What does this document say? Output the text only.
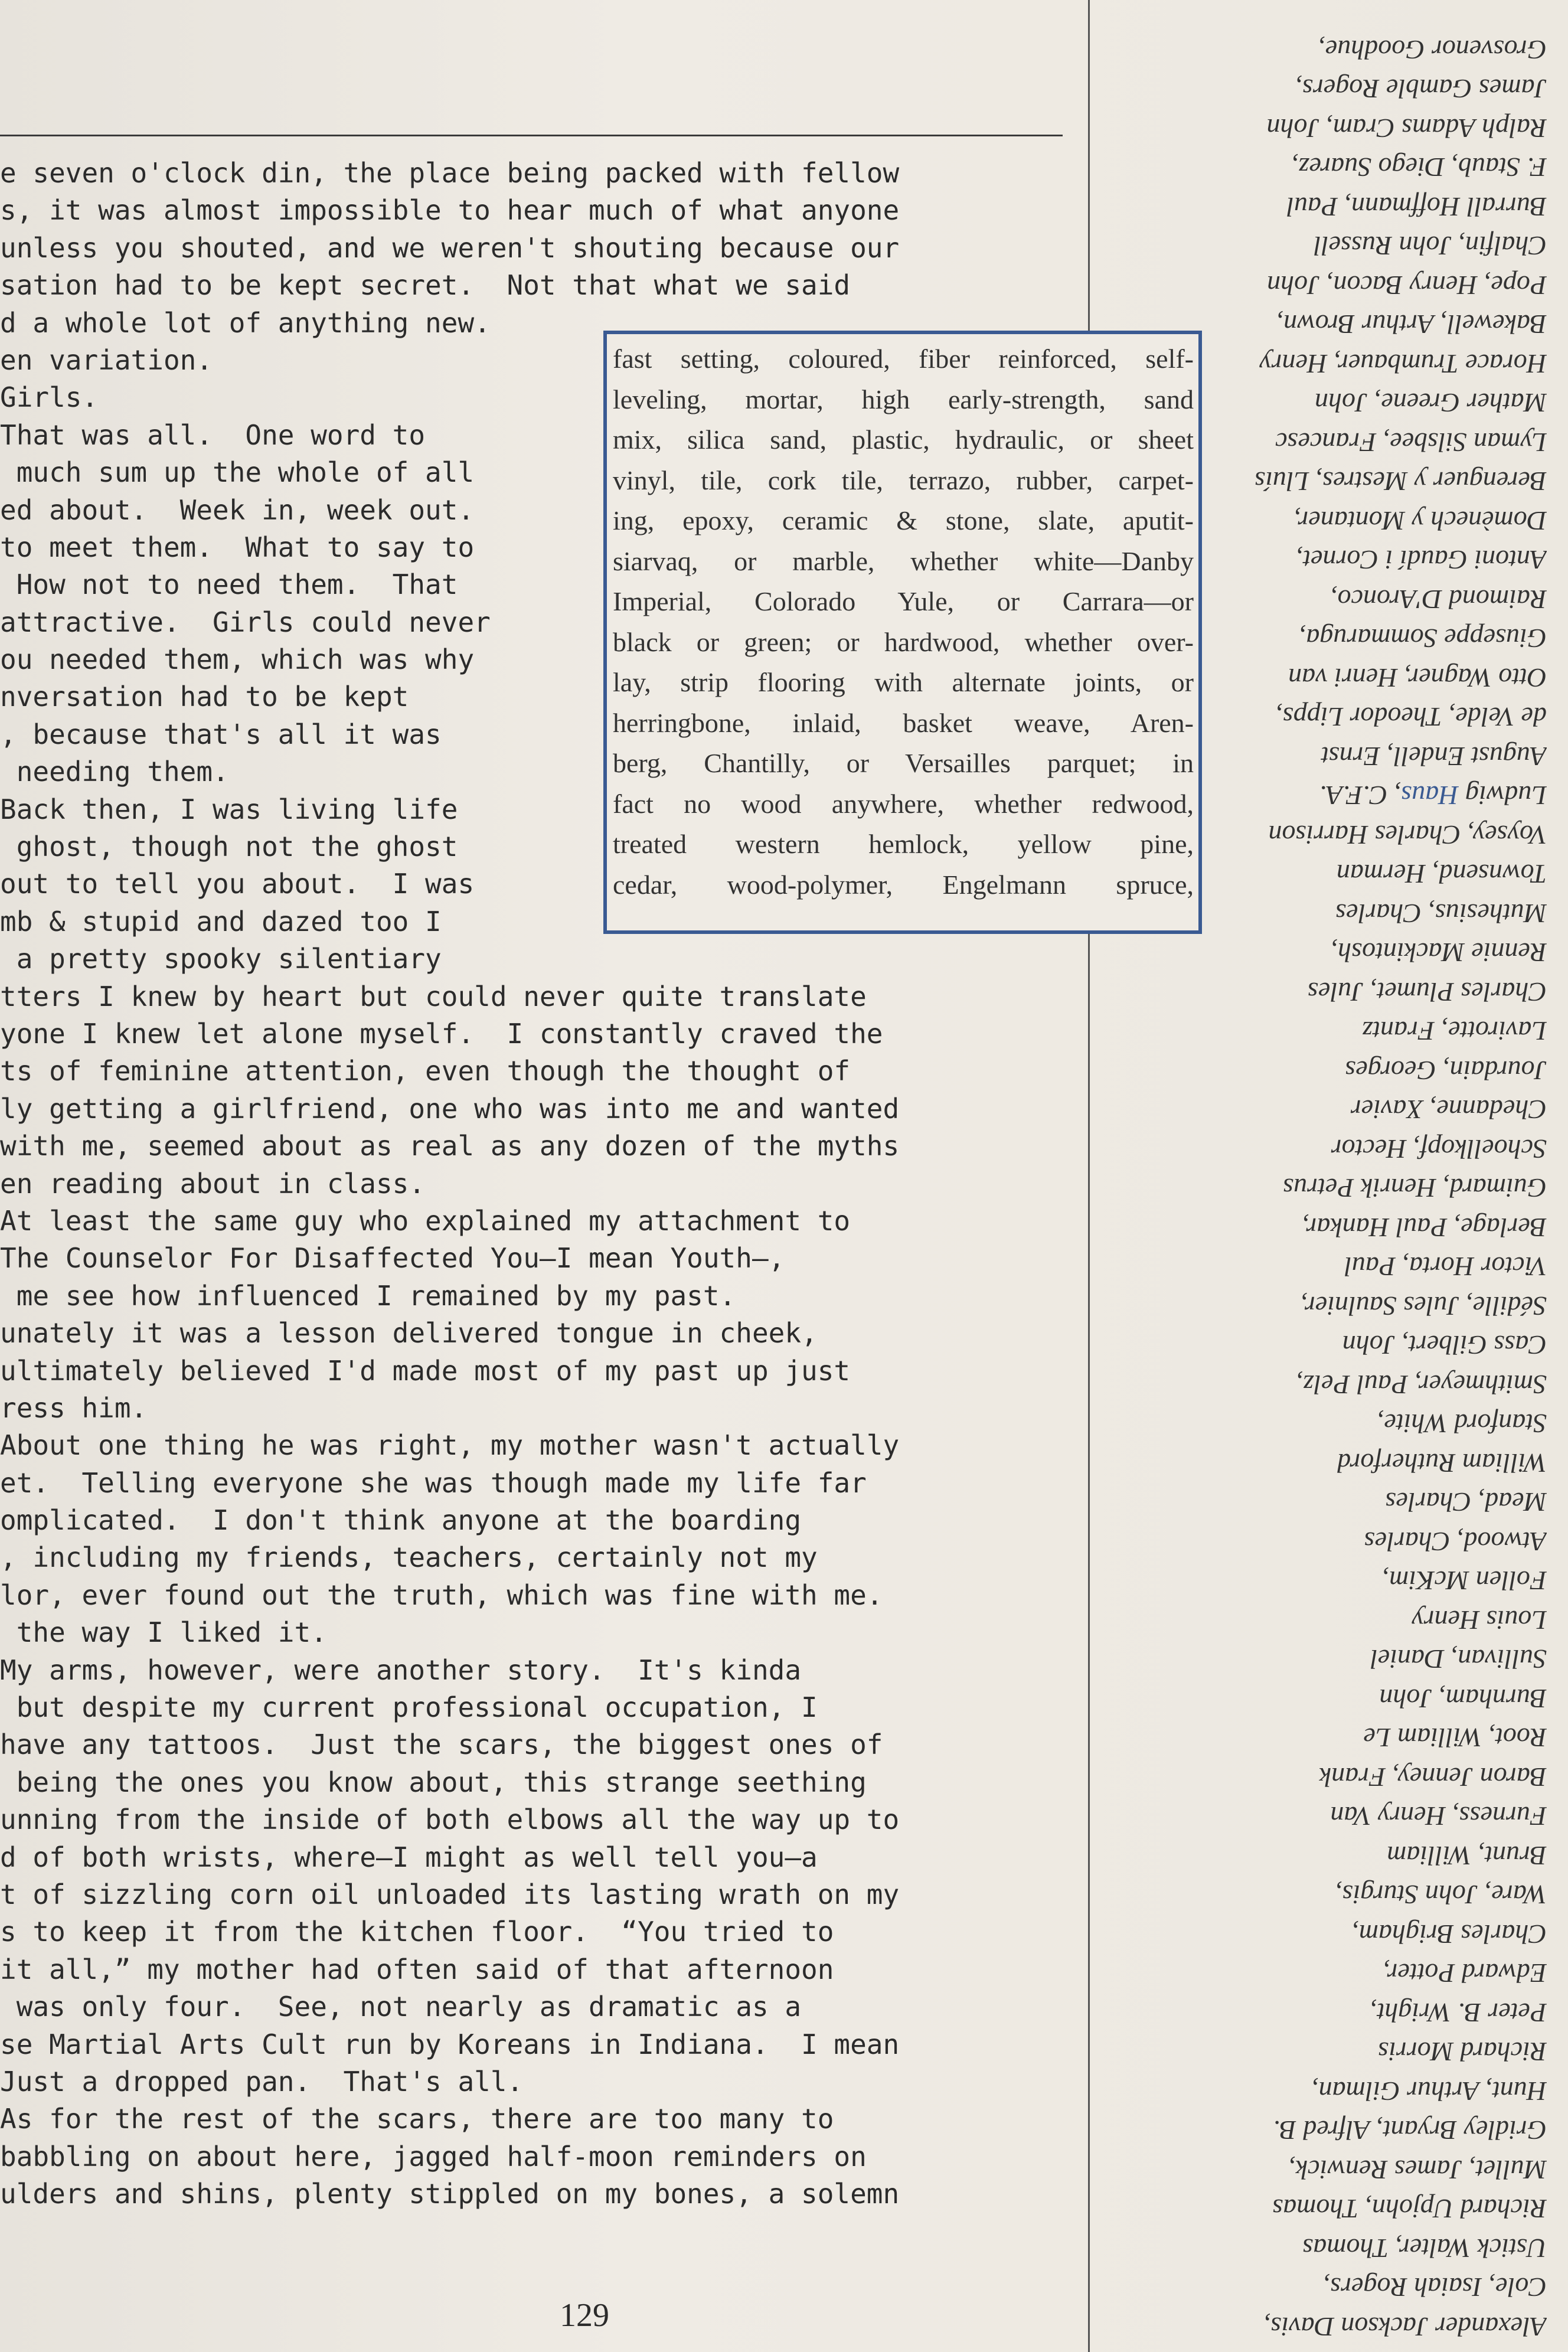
e seven o'clock din, the place being packed with fellow
s, it was almost impossible to hear much of what anyone
unless you shouted, and we weren't shouting because our
sation had to be kept secret.  Not that what we said
d a whole lot of anything new.
en variation.
Girls.
That was all.  One word to
much sum up the whole of all
ed about.  Week in, week out.
to meet them.  What to say to
How not to need them.  That
attractive.  Girls could never
ou needed them, which was why
nversation had to be kept
, because that's all it was
needing them.
Back then, I was living life
ghost, though not the ghost
out to tell you about.  I was
mb & stupid and dazed too I
a pretty spooky silentiary
tters I knew by heart but could never quite translate
yone I knew let alone myself.  I constantly craved the
ts of feminine attention, even though the thought of
ly getting a girlfriend, one who was into me and wanted
with me, seemed about as real as any dozen of the myths
en reading about in class.
At least the same guy who explained my attachment to
The Counselor For Disaffected You—I mean Youth—,
me see how influenced I remained by my past.
unately it was a lesson delivered tongue in cheek,
ultimately believed I'd made most of my past up just
ress him.
About one thing he was right, my mother wasn't actually
et.  Telling everyone she was though made my life far
omplicated.  I don't think anyone at the boarding
, including my friends, teachers, certainly not my
lor, ever found out the truth, which was fine with me.
the way I liked it.
My arms, however, were another story.  It's kinda
but despite my current professional occupation, I
have any tattoos.  Just the scars, the biggest ones of
being the ones you know about, this strange seething
unning from the inside of both elbows all the way up to
d of both wrists, where—I might as well tell you—a
t of sizzling corn oil unloaded its lasting wrath on my
s to keep it from the kitchen floor.  “You tried to
it all,” my mother had often said of that afternoon
was only four.  See, not nearly as dramatic as a
se Martial Arts Cult run by Koreans in Indiana.  I mean
Just a dropped pan.  That's all.
As for the rest of the scars, there are too many to
babbling on about here, jagged half-moon reminders on
ulders and shins, plenty stippled on my bones, a solemn
fast setting, coloured, fiber reinforced, self-
leveling, mortar, high early-strength, sand
mix, silica sand, plastic, hydraulic, or sheet
vinyl, tile, cork tile, terrazo, rubber, carpet-
ing, epoxy, ceramic & stone, slate, aputit-
siarvaq, or marble, whether white—Danby
Imperial, Colorado Yule, or Carrara—or
black or green; or hardwood, whether over-
lay, strip flooring with alternate joints, or
herringbone, inlaid, basket weave, Aren-
berg, Chantilly, or Versailles parquet; in
fact no wood anywhere, whether redwood,
treated western hemlock, yellow pine,
cedar, wood-polymer, Engelmann spruce,
Alexander Jackson Davis,
Cole, Isaiah Rogers,
Ustick Walter, Thomas
Richard Upjohn, Thomas
Mullet, James Renwick,
Gridley Bryant, Alfred B.
Hunt, Arthur Gilman,
Richard Morris
Peter B. Wright,
Edward Potter,
Charles Brigham,
Ware, John Sturgis,
Brunt, William
Furness, Henry Van
Baron Jenney, Frank
Root, William Le
Burnham, John
Sullivan, Daniel
Louis Henry
Follen McKim,
Atwood, Charles
Mead, Charles
William Rutherford
Stanford White,
Smithmeyer, Paul Pelz,
Cass Gilbert, John
Sédille, Jules Saulnier,
Victor Horta, Paul
Berlage, Paul Hankar,
Guimard, Henrik Petrus
Schoellkopf, Hector
Chedanne, Xavier
Jourdain, Georges
Lavirotte, Frantz
Charles Plumet, Jules
Rennie Mackintosh,
Muthesius, Charles
Townsend, Herman
Voysey, Charles Harrison
Ludwig Haus, C.F.A.
August Endell, Ernst
de Velde, Theodor Lipps,
Otto Wagner, Henri van
Giuseppe Sommaruga,
Raimond D'Aronco,
Antoni Gaudí i Cornet,
Domènech y Montaner,
Berenguer y Mestres, Lluís
Lyman Silsbee, Francesc
Mather Greene, John
Horace Trumbauer, Henry
Bakewell, Arthur Brown,
Pope, Henry Bacon, John
Chalfin, John Russell
Burrall Hoffmann, Paul
F. Staub, Diego Suarez,
Ralph Adams Cram, John
James Gamble Rogers,
Grosvenor Goodhue,
129
